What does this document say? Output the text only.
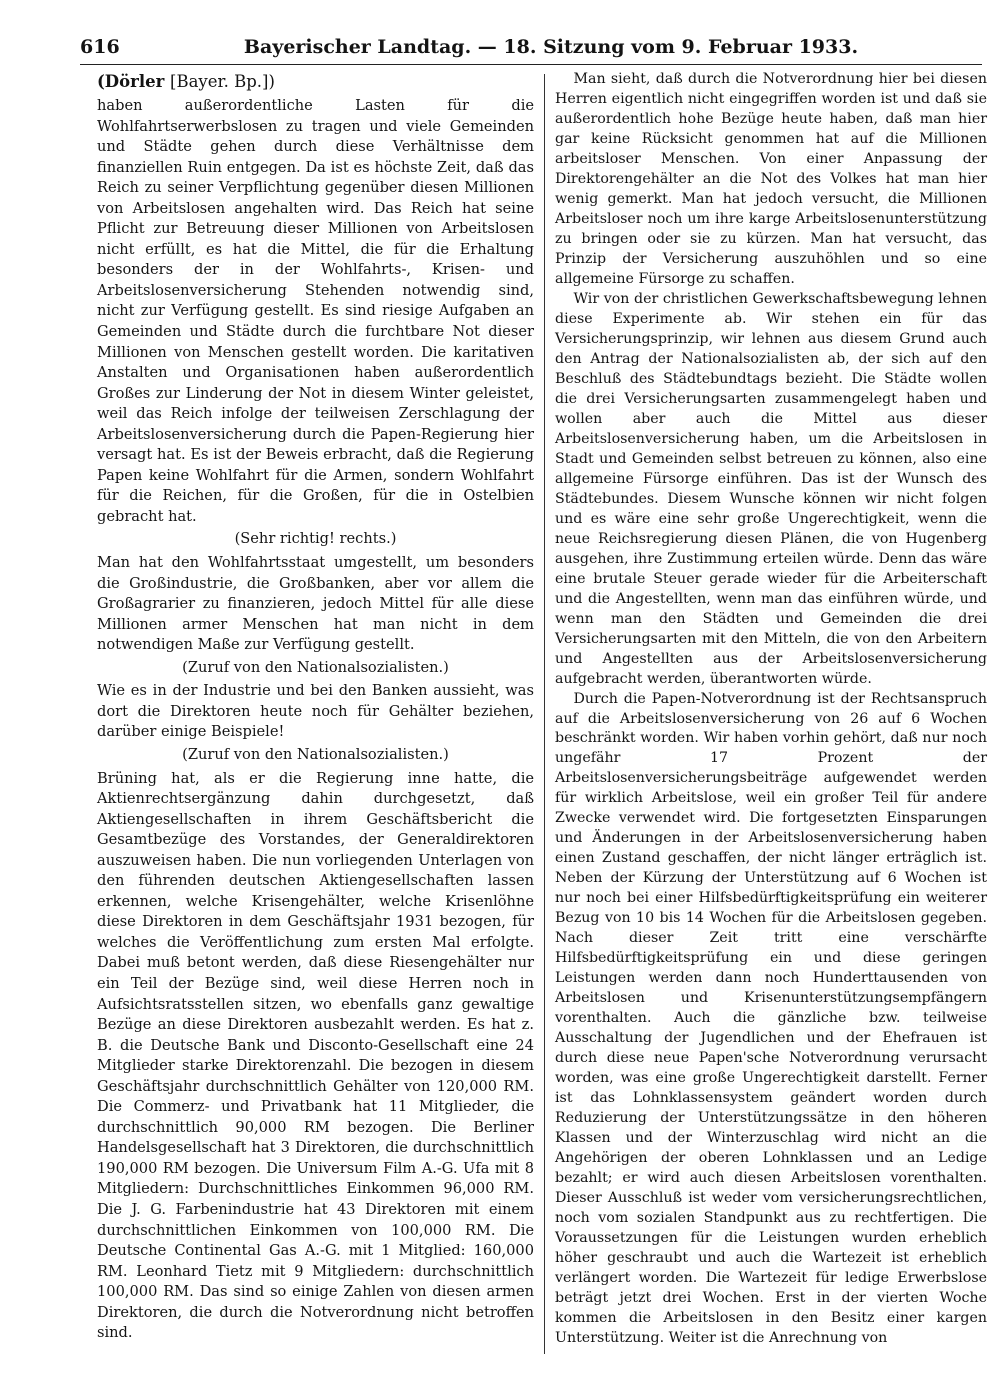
616	Bayerischer Landtag. — 18. Sitzung vom 9. Februar 1933.
(Dörler [Bayer. Bp.])

haben außerordentliche Lasten für die Wohlfahrtserwerbslosen zu tragen und viele Gemeinden und Städte gehen durch diese Verhältnisse dem finanziellen Ruin entgegen. Da ist es höchste Zeit, daß das Reich zu seiner Verpflichtung gegenüber diesen Millionen von Arbeitslosen angehalten wird. Das Reich hat seine Pflicht zur Betreuung dieser Millionen von Arbeitslosen nicht erfüllt, es hat die Mittel, die für die Erhaltung besonders der in der Wohlfahrts-, Krisen- und Arbeitslosenversicherung Stehenden notwendig sind, nicht zur Verfügung gestellt. Es sind riesige Aufgaben an Gemeinden und Städte durch die furchtbare Not dieser Millionen von Menschen gestellt worden. Die karitativen Anstalten und Organisationen haben außerordentlich Großes zur Linderung der Not in diesem Winter geleistet, weil das Reich infolge der teilweisen Zerschlagung der Arbeitslosenversicherung durch die Papen-Regierung hier versagt hat. Es ist der Beweis erbracht, daß die Regierung Papen keine Wohlfahrt für die Armen, sondern Wohlfahrt für die Reichen, für die Großen, für die in Ostelbien gebracht hat.

(Sehr richtig! rechts.)

Man hat den Wohlfahrtsstaat umgestellt, um besonders die Großindustrie, die Großbanken, aber vor allem die Großagrarier zu finanzieren, jedoch Mittel für alle diese Millionen armer Menschen hat man nicht in dem notwendigen Maße zur Verfügung gestellt.

(Zuruf von den Nationalsozialisten.)

Wie es in der Industrie und bei den Banken aussieht, was dort die Direktoren heute noch für Gehälter beziehen, darüber einige Beispiele!

(Zuruf von den Nationalsozialisten.)

Brüning hat, als er die Regierung inne hatte, die Aktienrechtsergänzung dahin durchgesetzt, daß Aktiengesellschaften in ihrem Geschäftsbericht die Gesamtbezüge des Vorstandes, der Generaldirektoren auszuweisen haben. Die nun vorliegenden Unterlagen von den führenden deutschen Aktiengesellschaften lassen erkennen, welche Krisengehälter, welche Krisenlöhne diese Direktoren in dem Geschäftsjahr 1931 bezogen, für welches die Veröffentlichung zum ersten Mal erfolgte. Dabei muß betont werden, daß diese Riesengehälter nur ein Teil der Bezüge sind, weil diese Herren noch in Aufsichtsratsstellen sitzen, wo ebenfalls ganz gewaltige Bezüge an diese Direktoren ausbezahlt werden. Es hat z. B. die Deutsche Bank und Disconto-Gesellschaft eine 24 Mitglieder starke Direktorenzahl. Die bezogen in diesem Geschäftsjahr durchschnittlich Gehälter von 120,000 RM. Die Commerz- und Privatbank hat 11 Mitglieder, die durchschnittlich 90,000 RM bezogen. Die Berliner Handelsgesellschaft hat 3 Direktoren, die durchschnittlich 190,000 RM bezogen. Die Universum Film A.-G. Ufa mit 8 Mitgliedern: Durchschnittliches Einkommen 96,000 RM. Die J. G. Farbenindustrie hat 43 Direktoren mit einem durchschnittlichen Einkommen von 100,000 RM. Die Deutsche Continental Gas A.-G. mit 1 Mitglied: 160,000 RM. Leonhard Tietz mit 9 Mitgliedern: durchschnittlich 100,000 RM. Das sind so einige Zahlen von diesen armen Direktoren, die durch die Notverordnung nicht betroffen sind.

Man sieht, daß durch die Notverordnung hier bei diesen Herren eigentlich nicht eingegriffen worden ist und daß sie außerordentlich hohe Bezüge heute haben, daß man hier gar keine Rücksicht genommen hat auf die Millionen arbeitsloser Menschen. Von einer Anpassung der Direktorengehälter an die Not des Volkes hat man hier wenig gemerkt. Man hat jedoch versucht, die Millionen Arbeitsloser noch um ihre karge Arbeitslosenunterstützung zu bringen oder sie zu kürzen. Man hat versucht, das Prinzip der Versicherung auszuhöhlen und so eine allgemeine Fürsorge zu schaffen.

Wir von der christlichen Gewerkschaftsbewegung lehnen diese Experimente ab. Wir stehen ein für das Versicherungsprinzip, wir lehnen aus diesem Grund auch den Antrag der Nationalsozialisten ab, der sich auf den Beschluß des Städtebundtags bezieht. Die Städte wollen die drei Versicherungsarten zusammengelegt haben und wollen aber auch die Mittel aus dieser Arbeitslosenversicherung haben, um die Arbeitslosen in Stadt und Gemeinden selbst betreuen zu können, also eine allgemeine Fürsorge einführen. Das ist der Wunsch des Städtebundes. Diesem Wunsche können wir nicht folgen und es wäre eine sehr große Ungerechtigkeit, wenn die neue Reichsregierung diesen Plänen, die von Hugenberg ausgehen, ihre Zustimmung erteilen würde. Denn das wäre eine brutale Steuer gerade wieder für die Arbeiterschaft und die Angestellten, wenn man das einführen würde, und wenn man den Städten und Gemeinden die drei Versicherungsarten mit den Mitteln, die von den Arbeitern und Angestellten aus der Arbeitslosenversicherung aufgebracht werden, überantworten würde.

Durch die Papen-Notverordnung ist der Rechtsanspruch auf die Arbeitslosenversicherung von 26 auf 6 Wochen beschränkt worden. Wir haben vorhin gehört, daß nur noch ungefähr 17 Prozent der Arbeitslosenversicherungsbeiträge aufgewendet werden für wirklich Arbeitslose, weil ein großer Teil für andere Zwecke verwendet wird. Die fortgesetzten Einsparungen und Änderungen in der Arbeitslosenversicherung haben einen Zustand geschaffen, der nicht länger erträglich ist. Neben der Kürzung der Unterstützung auf 6 Wochen ist nur noch bei einer Hilfsbedürftigkeitsprüfung ein weiterer Bezug von 10 bis 14 Wochen für die Arbeitslosen gegeben. Nach dieser Zeit tritt eine verschärfte Hilfsbedürftigkeitsprüfung ein und diese geringen Leistungen werden dann noch Hunderttausenden von Arbeitslosen und Krisenunterstützungsempfängern vorenthalten. Auch die gänzliche bzw. teilweise Ausschaltung der Jugendlichen und der Ehefrauen ist durch diese neue Papen'sche Notverordnung verursacht worden, was eine große Ungerechtigkeit darstellt. Ferner ist das Lohnklassensystem geändert worden durch Reduzierung der Unterstützungssätze in den höheren Klassen und der Winterzuschlag wird nicht an die Angehörigen der oberen Lohnklassen und an Ledige bezahlt; er wird auch diesen Arbeitslosen vorenthalten. Dieser Ausschluß ist weder vom versicherungsrechtlichen, noch vom sozialen Standpunkt aus zu rechtfertigen. Die Voraussetzungen für die Leistungen wurden erheblich höher geschraubt und auch die Wartezeit ist erheblich verlängert worden. Die Wartezeit für ledige Erwerbslose beträgt jetzt drei Wochen. Erst in der vierten Woche kommen die Arbeitslosen in den Besitz einer kargen Unterstützung. Weiter ist die Anrechnung von
